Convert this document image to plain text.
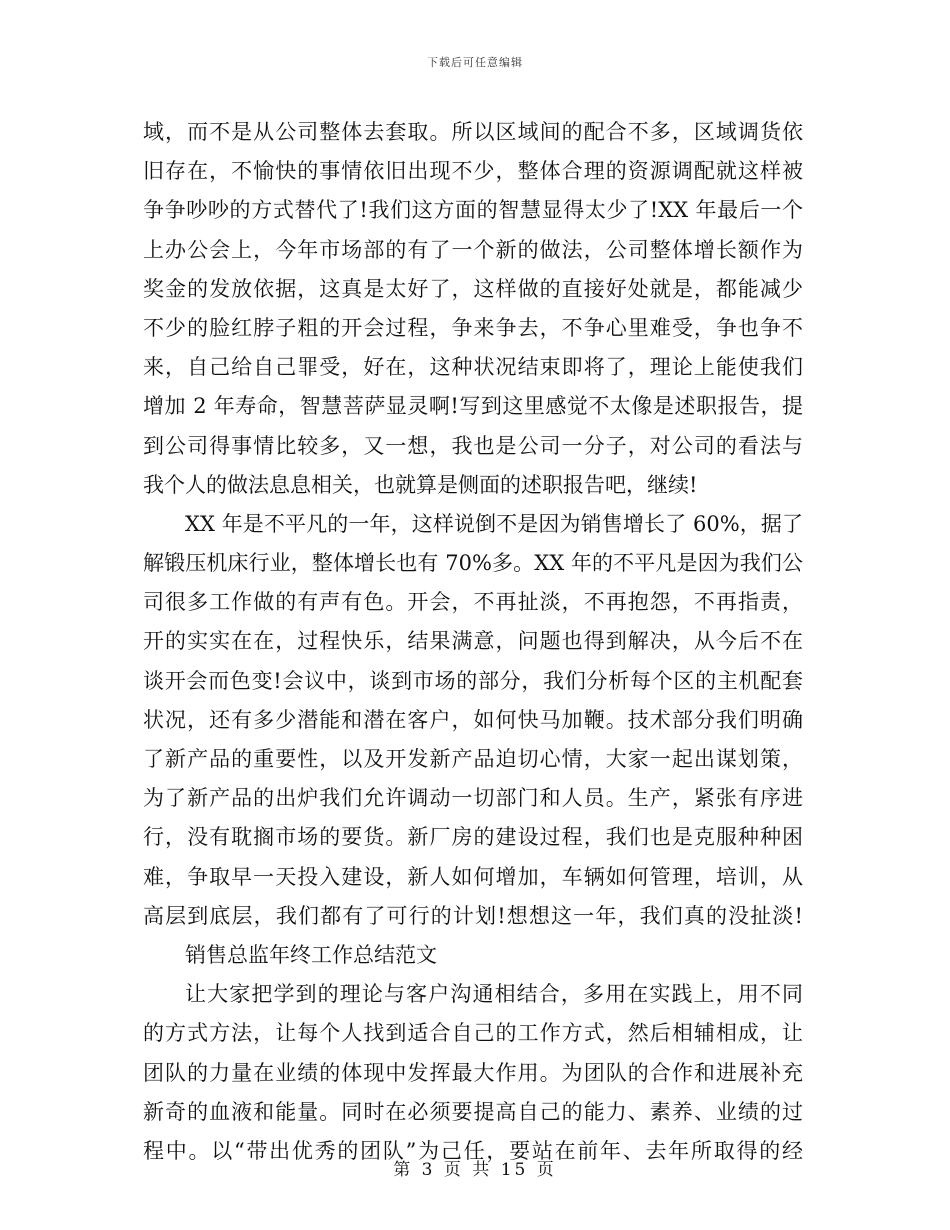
下载后可任意编辑
域，而不是从公司整体去套取。所以区域间的配合不多，区域调货依
旧存在，不愉快的事情依旧出现不少，整体合理的资源调配就这样被
争争吵吵的方式替代了!我们这方面的智慧显得太少了!XX 年最后一个
上办公会上，今年市场部的有了一个新的做法，公司整体增长额作为
奖金的发放依据，这真是太好了，这样做的直接好处就是，都能减少
不少的脸红脖子粗的开会过程，争来争去，不争心里难受，争也争不
来，自己给自己罪受，好在，这种状况结束即将了，理论上能使我们
增加 2 年寿命，智慧菩萨显灵啊!写到这里感觉不太像是述职报告，提
到公司得事情比较多，又一想，我也是公司一分子，对公司的看法与
我个人的做法息息相关，也就算是侧面的述职报告吧，继续!
XX 年是不平凡的一年，这样说倒不是因为销售增长了 60%，据了
解锻压机床行业，整体增长也有 70%多。XX 年的不平凡是因为我们公
司很多工作做的有声有色。开会，不再扯淡，不再抱怨，不再指责，
开的实实在在，过程快乐，结果满意，问题也得到解决，从今后不在
谈开会而色变!会议中，谈到市场的部分，我们分析每个区的主机配套
状况，还有多少潜能和潜在客户，如何快马加鞭。技术部分我们明确
了新产品的重要性，以及开发新产品迫切心情，大家一起出谋划策，
为了新产品的出炉我们允许调动一切部门和人员。生产，紧张有序进
行，没有耽搁市场的要货。新厂房的建设过程，我们也是克服种种困
难，争取早一天投入建设，新人如何增加，车辆如何管理，培训，从
高层到底层，我们都有了可行的计划!想想这一年，我们真的没扯淡!
销售总监年终工作总结范文
让大家把学到的理论与客户沟通相结合，多用在实践上，用不同
的方式方法，让每个人找到适合自己的工作方式，然后相辅相成，让
团队的力量在业绩的体现中发挥最大作用。为团队的合作和进展补充
新奇的血液和能量。同时在必须要提高自己的能力、素养、业绩的过
程中。以“带出优秀的团队”为己任，要站在前年、去年所取得的经
第 3 页 共 15 页
